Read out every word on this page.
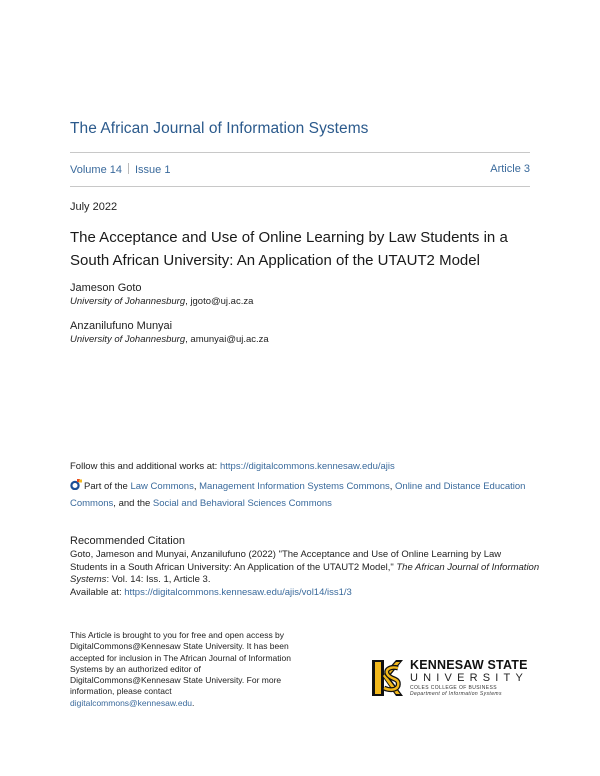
The African Journal of Information Systems
Volume 14 Issue 1	Article 3
July 2022
The Acceptance and Use of Online Learning by Law Students in a South African University: An Application of the UTAUT2 Model
Jameson Goto
University of Johannesburg, jgoto@uj.ac.za
Anzanilufuno Munyai
University of Johannesburg, amunyai@uj.ac.za
Follow this and additional works at: https://digitalcommons.kennesaw.edu/ajis
Part of the Law Commons, Management Information Systems Commons, Online and Distance Education Commons, and the Social and Behavioral Sciences Commons
Recommended Citation
Goto, Jameson and Munyai, Anzanilufuno (2022) "The Acceptance and Use of Online Learning by Law Students in a South African University: An Application of the UTAUT2 Model," The African Journal of Information Systems: Vol. 14: Iss. 1, Article 3.
Available at: https://digitalcommons.kennesaw.edu/ajis/vol14/iss1/3
This Article is brought to you for free and open access by DigitalCommons@Kennesaw State University. It has been accepted for inclusion in The African Journal of Information Systems by an authorized editor of DigitalCommons@Kennesaw State University. For more information, please contact
digitalcommons@kennesaw.edu.
KENNESAW STATE
UNIVERSITY
COLES COLLEGE OF BUSINESS
Department of Information Systems
